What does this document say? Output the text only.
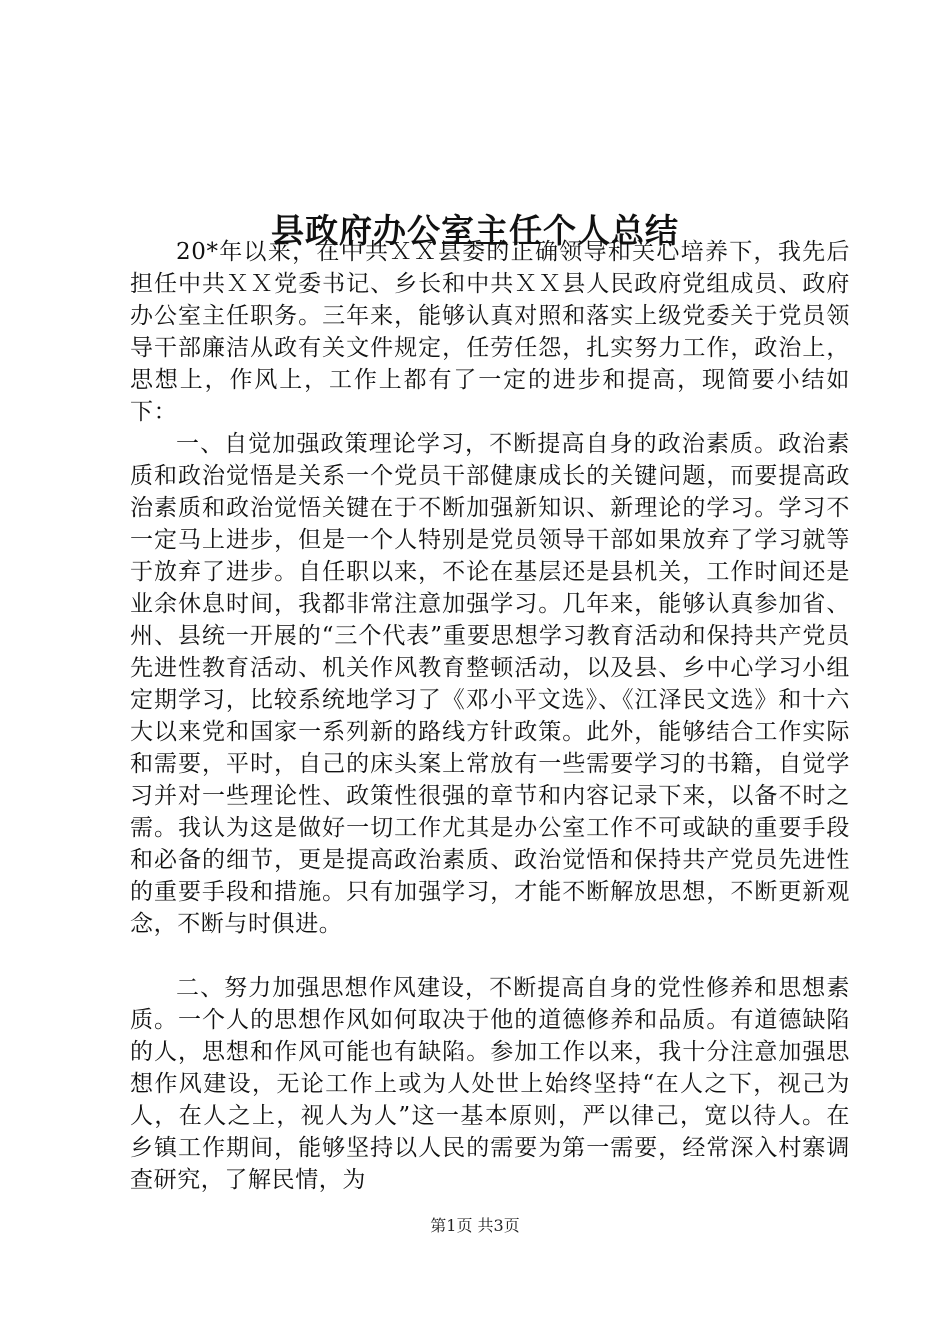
县政府办公室主任个人总结

20*年以来，在中共ＸＸ县委的正确领导和关心培养下，我先后担任中共ＸＸ党委书记、乡长和中共ＸＸ县人民政府党组成员、政府办公室主任职务。三年来，能够认真对照和落实上级党委关于党员领导干部廉洁从政有关文件规定，任劳任怨，扎实努力工作，政治上，思想上，作风上，工作上都有了一定的进步和提高，现简要小结如下：

一、自觉加强政策理论学习，不断提高自身的政治素质。政治素质和政治觉悟是关系一个党员干部健康成长的关键问题，而要提高政治素质和政治觉悟关键在于不断加强新知识、新理论的学习。学习不一定马上进步，但是一个人特别是党员领导干部如果放弃了学习就等于放弃了进步。自任职以来，不论在基层还是县机关，工作时间还是业余休息时间，我都非常注意加强学习。几年来，能够认真参加省、州、县统一开展的“三个代表”重要思想学习教育活动和保持共产党员先进性教育活动、机关作风教育整顿活动，以及县、乡中心学习小组定期学习，比较系统地学习了《邓小平文选》、《江泽民文选》和十六大以来党和国家一系列新的路线方针政策。此外，能够结合工作实际和需要，平时，自己的床头案上常放有一些需要学习的书籍，自觉学习并对一些理论性、政策性很强的章节和内容记录下来，以备不时之需。我认为这是做好一切工作尤其是办公室工作不可或缺的重要手段和必备的细节，更是提高政治素质、政治觉悟和保持共产党员先进性的重要手段和措施。只有加强学习，才能不断解放思想，不断更新观念，不断与时俱进。

二、努力加强思想作风建设，不断提高自身的党性修养和思想素质。一个人的思想作风如何取决于他的道德修养和品质。有道德缺陷的人，思想和作风可能也有缺陷。参加工作以来，我十分注意加强思想作风建设，无论工作上或为人处世上始终坚持“在人之下，视己为人，在人之上，视人为人”这一基本原则，严以律己，宽以待人。在乡镇工作期间，能够坚持以人民的需要为第一需要，经常深入村寨调查研究，了解民情，为

第1页 共3页
